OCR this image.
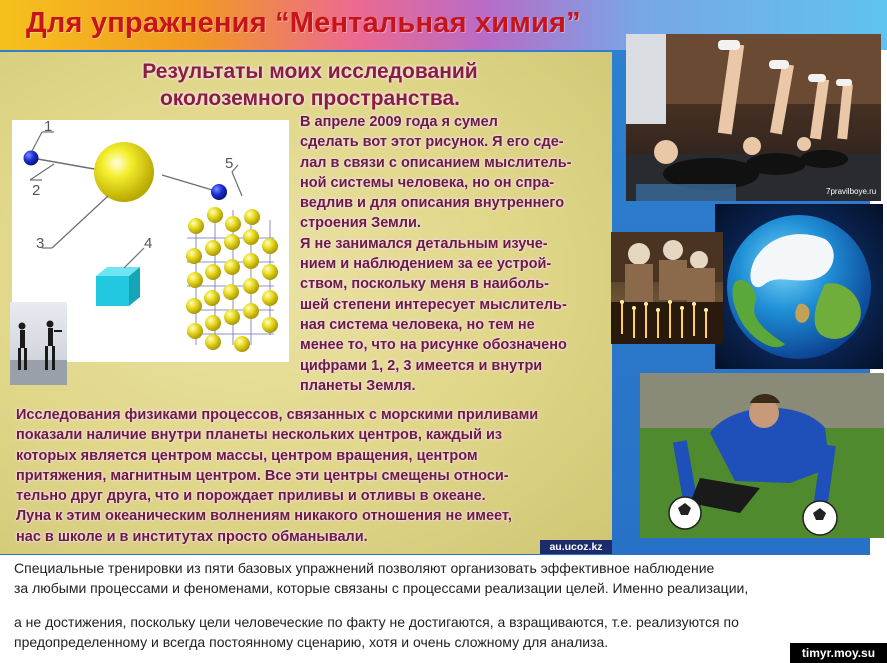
Для упражнения “Ментальная химия”
Результаты моих исследований
околоземного пространства.
1
2
3	4
5
В апреле 2009 года я сумел
сделать вот этот рисунок. Я его сде-
лал в связи с описанием мыслитель-
ной системы человека, но он спра-
ведлив и для описания внутреннего
строения Земли.
Я не занимался детальным изуче-
нием и наблюдением за ее устрой-
ством, поскольку меня в наиболь-
шей степени интересует мыслитель-
ная система человека, но тем не
менее то, что на рисунке обозначено
цифрами 1, 2, 3 имеется и внутри
планеты Земля.
Исследования физиками процессов, связанных с морскими приливами
показали наличие внутри планеты нескольких центров, каждый из
которых является центром массы, центром вращения, центром
притяжения, магнитным центром. Все эти центры смещены относи-
тельно друг друга, что и порождает приливы и отливы в океане.
Луна к этим океаническим волнениям никакого отношения не имеет,
нас в школе и в институтах просто обманывали.
7pravilboye.ru
au.ucoz.kz
Специальные тренировки из пяти базовых упражнений позволяют организовать эффективное наблюдение
за любыми процессами и феноменами, которые связаны с процессами реализации целей. Именно реализации,
а не достижения, поскольку цели человеческие по факту не достигаются, а взращиваются, т.е. реализуются по
предопределенному и всегда постоянному сценарию, хотя и очень сложному для анализа.
timyr.moy.su
